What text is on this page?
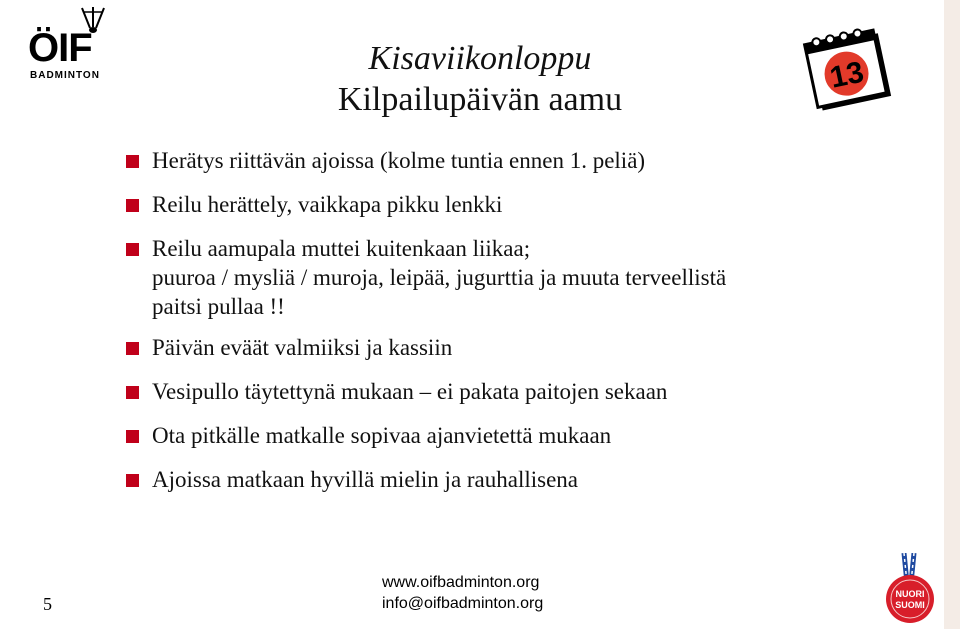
ÖIF
BADMINTON	Kisaviikonloppu
Kilpailupäivän aamu
13
Herätys riittävän ajoissa (kolme tuntia ennen 1. peliä)
Reilu herättely, vaikkapa pikku lenkki
Reilu aamupala muttei kuitenkaan liikaa;
puuroa / mysliä / muroja, leipää, jugurttia ja muuta terveellistä
paitsi pullaa !!
Päivän eväät valmiiksi ja kassiin
Vesipullo täytettynä mukaan – ei pakata paitojen sekaan
Ota pitkälle matkalle sopivaa ajanvietettä mukaan
Ajoissa matkaan hyvillä mielin ja rauhallisena
www.oifbadminton.org
info@oifbadminton.org
5	NUORI
SUOMI
